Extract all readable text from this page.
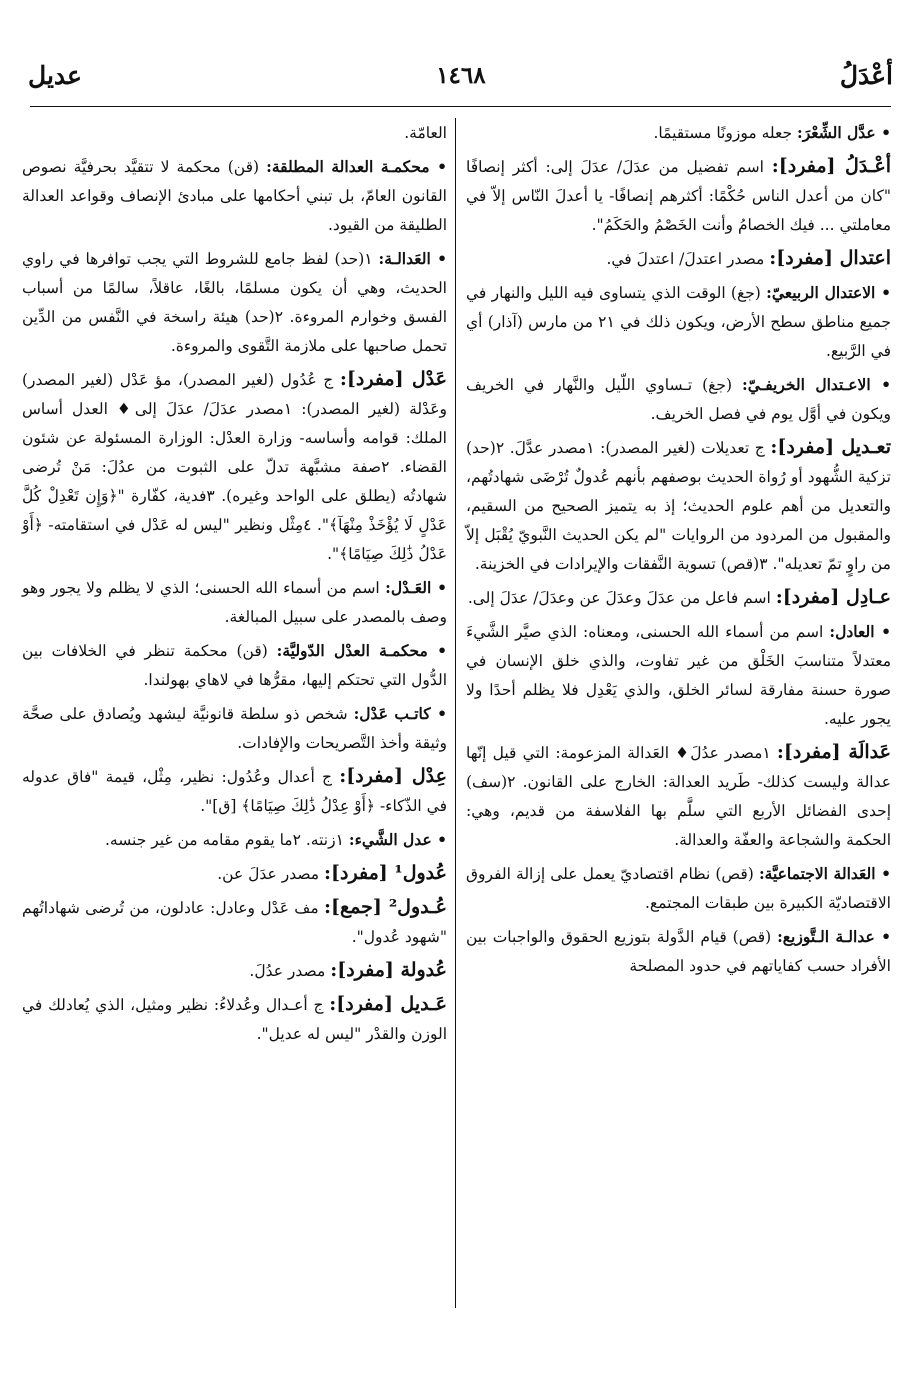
أعْدَلُ
١٤٦٨
عديل

• عدَّل الشِّعْرَ: جعله موزونًا مستقيمًا.

أعْـدَلُ [مفرد]: اسم تفضيل من عدَلَ/ عدَلَ إلى: أكثر إنصافًا "كان من أعدل الناس حُكْمًا: أكثرهم إنصافًا- يا أعدلَ النّاس إلاّ في معاملتي ... فيك الخصامُ وأنت الخَصْمُ والحَكَمُ".

اعتدال [مفرد]: مصدر اعتدلَ/ اعتدلَ في.

• الاعتدال الربيعيّ: (جغ) الوقت الذي يتساوى فيه الليل والنهار في جميع مناطق سطح الأرض، ويكون ذلك في ٢١ من مارس (آذار) أي في الرَّبيع.

• الاعـتدال الخريفـيّ: (جغ) تـساوي اللّيل والنَّهار في الخريف ويكون في أوَّل يوم في فصل الخريف.

تعـديل [مفرد]: ج تعديلات (لغير المصدر): ١مصدر عدَّلَ. ٢(حد) تزكية الشُّهود أو رُواة الحديث بوصفهم بأنهم عُدولٌ تُرْضَى شهادتُهم، والتعديل من أهم علوم الحديث؛ إذ به يتميز الصحيح من السقيم، والمقبول من المردود من الروايات "لم يكن الحديث النَّبويّ يُقْبَل إلاّ من راوٍ تمّ تعديله". ٣(قص) تسوية النَّفقات والإيرادات في الخزينة.

عـادِل [مفرد]: اسم فاعل من عدَلَ وعدَلَ عن وعدَلَ/ عدَلَ إلى.

• العادل: اسم من أسماء الله الحسنى، ومعناه: الذي صيَّر الشَّيءَ معتدلاً متناسبَ الخَلْق من غير تفاوت، والذي خلق الإنسان في صورة حسنة مفارقة لسائر الخلق، والذي يَعْدِل فلا يظلم أحدًا ولا يجور عليه.

عَدالَة [مفرد]: ١مصدر عدُلَ♦ العَدالة المزعومة: التي قيل إنّها عدالة وليست كذلك- طَريد العدالة: الخارج على القانون. ٢(سف) إحدى الفضائل الأربع التي سلَّم بها الفلاسفة من قديم، وهي: الحكمة والشجاعة والعفّة والعدالة.

• العَدالة الاجتماعيَّة: (قص) نظام اقتصاديّ يعمل على إزالة الفروق الاقتصاديّة الكبيرة بين طبقات المجتمع.

• عدالـة الـتَّوزيع: (قص) قيام الدَّولة بتوزيع الحقوق والواجبات بين الأفراد حسب كفاياتهم في حدود المصلحة

العامّة.

• محكمـة العدالة المطلقة: (قن) محكمة لا تتقيَّد بحرفيَّة نصوص القانون العامّ، بل تبني أحكامها على مبادئ الإنصاف وقواعد العدالة الطليقة من القيود.

• العَدالـة: ١(حد) لفظ جامع للشروط التي يجب توافرها في راوي الحديث، وهي أن يكون مسلمًا، بالغًا، عاقلاً، سالمًا من أسباب الفسق وخوارم المروءة. ٢(حد) هيئة راسخة في النَّفس من الدِّين تحمل صاحبها على ملازمة التَّقوى والمروءة.

عَدْل [مفرد]: ج عُدُول (لغير المصدر)، مؤ عَدْل (لغير المصدر) وعَدْلة (لغير المصدر): ١مصدر عدَلَ/ عدَلَ إلى♦ العدل أساس الملك: قوامه وأساسه- وزارة العدْل: الوزارة المسئولة عن شئون القضاء. ٢صفة مشبَّهة تدلّ على الثبوت من عدُلَ: مَنْ تُرضى شهادتُه (يطلق على الواحد وغيره). ٣فدية، كفّارة "﴿وَإِن تَعْدِلْ كُلَّ عَدْلٍ لَا يُؤْخَذْ مِنْهَآ﴾". ٤مِثْل ونظير "ليس له عَدْل في استقامته- ﴿أَوْ عَدْلُ ذَٰلِكَ صِيَامًا﴾".

• العَـدْل: اسم من أسماء الله الحسنى؛ الذي لا يظلم ولا يجور وهو وصف بالمصدر على سبيل المبالغة.

• محكمـة العدْل الدّوليَّة: (قن) محكمة تنظر في الخلافات بين الدُّول التي تحتكم إليها، مقرُّها في لاهاي بهولندا.

• كاتـب عَدْل: شخص ذو سلطة قانونيَّة ليشهد ويُصادق على صحَّة وثيقة وأخذ التَّصريحات والإفادات.

عِدْل [مفرد]: ج أعدال وعُدُول: نظير، مِثْل، قيمة "فاق عدوله في الذّكاء- ﴿أَوْ عِدْلُ ذَٰلِكَ صِيَامًا﴾ [ق]".

• عدل الشَّيء: ١زنته. ٢ما يقوم مقامه من غير جنسه.

عُدول¹ [مفرد]: مصدر عدَلَ عن.

عُـدول² [جمع]: مف عَدْل وعادل: عادلون، من تُرضى شهاداتُهم "شهود عُدول".

عُدولة [مفرد]: مصدر عدُلَ.

عَـديل [مفرد]: ج أعـدال وعُدلاءُ: نظير ومثيل، الذي يُعادلك في الوزن والقدْر "ليس له عديل".
